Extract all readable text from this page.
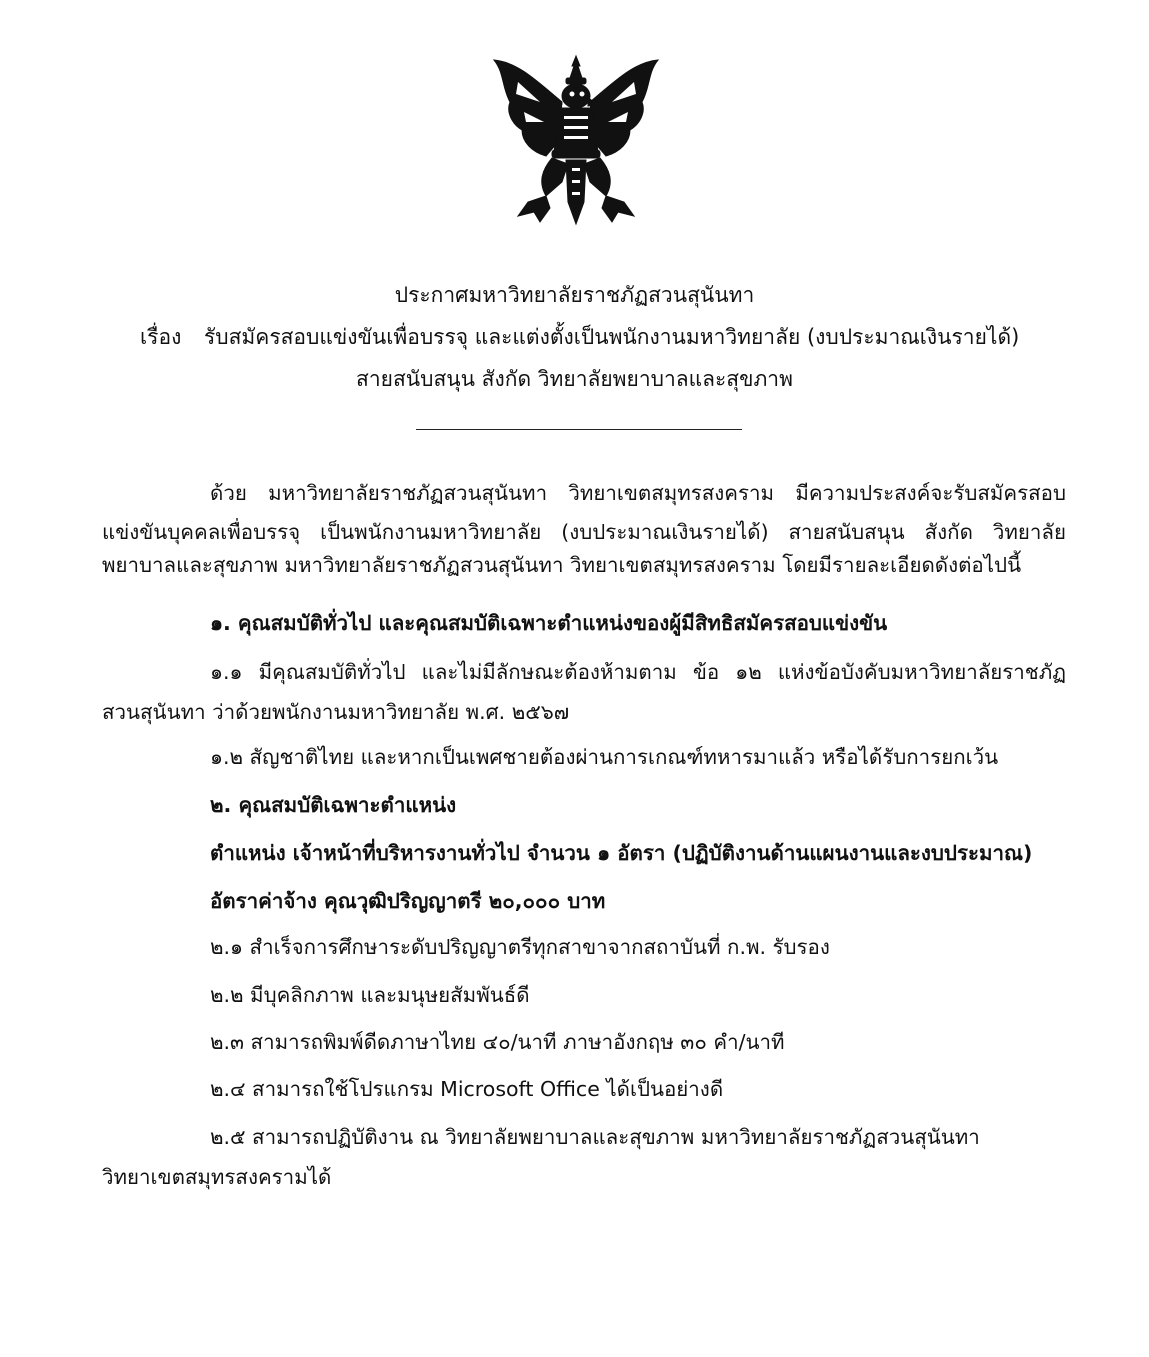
ประกาศมหาวิทยาลัยราชภัฏสวนสุนันทา
เรื่อง รับสมัครสอบแข่งขันเพื่อบรรจุ และแต่งตั้งเป็นพนักงานมหาวิทยาลัย (งบประมาณเงินรายได้)
สายสนับสนุน สังกัด วิทยาลัยพยาบาลและสุขภาพ
ด้วย มหาวิทยาลัยราชภัฏสวนสุนันทา วิทยาเขตสมุทรสงคราม มีความประสงค์จะรับสมัครสอบ
แข่งขันบุคคลเพื่อบรรจุ เป็นพนักงานมหาวิทยาลัย (งบประมาณเงินรายได้) สายสนับสนุน สังกัด วิทยาลัย
พยาบาลและสุขภาพ มหาวิทยาลัยราชภัฏสวนสุนันทา วิทยาเขตสมุทรสงคราม โดยมีรายละเอียดดังต่อไปนี้
๑. คุณสมบัติทั่วไป และคุณสมบัติเฉพาะตำแหน่งของผู้มีสิทธิสมัครสอบแข่งขัน
๑.๑ มีคุณสมบัติทั่วไป และไม่มีลักษณะต้องห้ามตาม ข้อ ๑๒ แห่งข้อบังคับมหาวิทยาลัยราชภัฏ
สวนสุนันทา ว่าด้วยพนักงานมหาวิทยาลัย พ.ศ. ๒๕๖๗
๑.๒ สัญชาติไทย และหากเป็นเพศชายต้องผ่านการเกณฑ์ทหารมาแล้ว หรือได้รับการยกเว้น
๒. คุณสมบัติเฉพาะตำแหน่ง
ตำแหน่ง เจ้าหน้าที่บริหารงานทั่วไป จำนวน ๑ อัตรา (ปฏิบัติงานด้านแผนงานและงบประมาณ)
อัตราค่าจ้าง คุณวุฒิปริญญาตรี ๒๐,๐๐๐ บาท
๒.๑ สำเร็จการศึกษาระดับปริญญาตรีทุกสาขาจากสถาบันที่ ก.พ. รับรอง
๒.๒ มีบุคลิกภาพ และมนุษยสัมพันธ์ดี
๒.๓ สามารถพิมพ์ดีดภาษาไทย ๔๐/นาที ภาษาอังกฤษ ๓๐ คำ/นาที
๒.๔ สามารถใช้โปรแกรม Microsoft Office ได้เป็นอย่างดี
๒.๕ สามารถปฏิบัติงาน ณ วิทยาลัยพยาบาลและสุขภาพ มหาวิทยาลัยราชภัฏสวนสุนันทา
วิทยาเขตสมุทรสงครามได้
